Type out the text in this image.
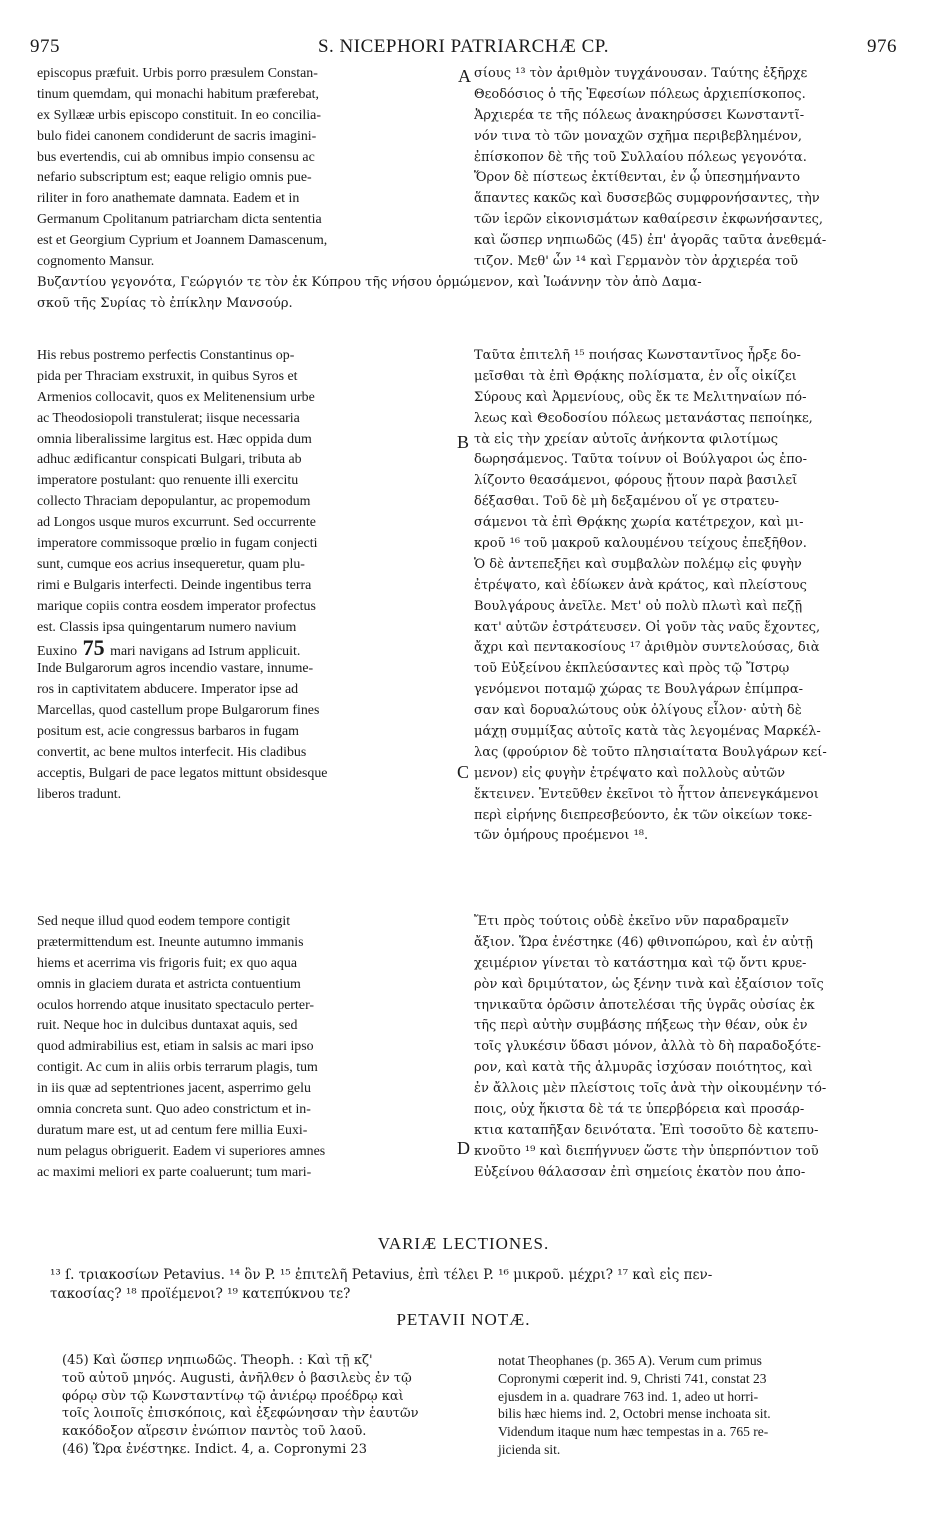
975	S. NICEPHORI PATRIARCHÆ CP.	976
episcopus præfuit. Urbis porro præsulem Constan-
tinum quemdam, qui monachi habitum præferebat,
ex Syllææ urbis episcopo constituit. In eo concilia-
bulo fidei canonem condiderunt de sacris imagini-
bus evertendis, cui ab omnibus impio consensu ac
nefario subscriptum est; eaque religio omnis pue-
riliter in foro anathemate damnata. Eadem et in
Germanum Cpolitanum patriarcham dicta sententia
est et Georgium Cyprium et Joannem Damascenum,
cognomento Mansur.
σίους ¹³ τὸν ἀριθμὸν τυγχάνουσαν. Ταύτης ἐξῆρχε
Θεοδόσιος ὁ τῆς Ἐφεσίων πόλεως ἀρχιεπίσκοπος.
Ἀρχιερέα τε τῆς πόλεως ἀνακηρύσσει Κωνσταντῖ-
νόν τινα τὸ τῶν μοναχῶν σχῆμα περιβεβλημένον,
ἐπίσκοπον δὲ τῆς τοῦ Συλλαίου πόλεως γεγονότα.
Ὅρον δὲ πίστεως ἐκτίθενται, ἐν ᾧ ὑπεσημήναντο
ἅπαντες κακῶς καὶ δυσσεβῶς συμφρονήσαντες, τὴν
τῶν ἱερῶν εἰκονισμάτων καθαίρεσιν ἐκφωνήσαντες,
καὶ ὥσπερ νηπιωδῶς (45) ἐπ' ἀγορᾶς ταῦτα ἀνεθεμά-
τιζον. Μεθ' ὧν ¹⁴ καὶ Γερμανὸν τὸν ἀρχιερέα τοῦ
A
Βυζαντίου γεγονότα, Γεώργιόν τε τὸν ἐκ Κύπρου τῆς νήσου ὁρμώμενον, καὶ Ἰωάννην τὸν ἀπὸ Δαμα-
σκοῦ τῆς Συρίας τὸ ἐπίκλην Μανσούρ.
His rebus postremo perfectis Constantinus op-
pida per Thraciam exstruxit, in quibus Syros et
Armenios collocavit, quos ex Melitenensium urbe
ac Theodosiopoli transtulerat; iisque necessaria
omnia liberalissime largitus est. Hæc oppida dum
adhuc ædificantur conspicati Bulgari, tributa ab
imperatore postulant: quo renuente illi exercitu
collecto Thraciam depopulantur, ac propemodum
ad Longos usque muros excurrunt. Sed occurrente
imperatore commissoque prœlio in fugam conjecti
sunt, cumque eos acrius insequeretur, quam plu-
rimi e Bulgaris interfecti. Deinde ingentibus terra
marique copiis contra eosdem imperator profectus
est. Classis ipsa quingentarum numero navium
Euxino 75 mari navigans ad Istrum applicuit.
Inde Bulgarorum agros incendio vastare, innume-
ros in captivitatem abducere. Imperator ipse ad
Marcellas, quod castellum prope Bulgarorum fines
positum est, acie congressus barbaros in fugam
convertit, ac bene multos interfecit. His cladibus
acceptis, Bulgari de pace legatos mittunt obsidesque
liberos tradunt.
Ταῦτα ἐπιτελῆ ¹⁵ ποιήσας Κωνσταντῖνος ἦρξε δο-
μεῖσθαι τὰ ἐπὶ Θρᾴκης πολίσματα, ἐν οἷς οἰκίζει
Σύρους καὶ Ἀρμενίους, οὓς ἔκ τε Μελιτηναίων πό-
λεως καὶ Θεοδοσίου πόλεως μετανάστας πεποίηκε,
τὰ εἰς τὴν χρείαν αὐτοῖς ἀνήκοντα φιλοτίμως
δωρησάμενος. Ταῦτα τοίνυν οἱ Βούλγαροι ὡς ἐπο-
λίζοντο θεασάμενοι, φόρους ᾔτουν παρὰ βασιλεῖ
δέξασθαι. Τοῦ δὲ μὴ δεξαμένου οἵ γε στρατευ-
σάμενοι τὰ ἐπὶ Θρᾴκης χωρία κατέτρεχον, καὶ μι-
κροῦ ¹⁶ τοῦ μακροῦ καλουμένου τείχους ἐπεξῆθον.
Ὁ δὲ ἀντεπεξῆει καὶ συμβαλὼν πολέμῳ εἰς φυγὴν
ἐτρέψατο, καὶ ἐδίωκεν ἀνὰ κράτος, καὶ πλείστους
Βουλγάρους ἀνεῖλε. Μετ' οὐ πολὺ πλωτὶ καὶ πεζῇ
κατ' αὐτῶν ἐστράτευσεν. Οἱ γοῦν τὰς ναῦς ἔχοντες,
ἄχρι καὶ πεντακοσίους ¹⁷ ἀριθμὸν συντελούσας, διὰ
τοῦ Εὐξείνου ἐκπλεύσαντες καὶ πρὸς τῷ Ἴστρῳ
γενόμενοι ποταμῷ χώρας τε Βουλγάρων ἐπίμπρα-
σαν καὶ δορυαλώτους οὐκ ὀλίγους εἷλον· αὐτὴ δὲ
μάχῃ συμμίξας αὐτοῖς κατὰ τὰς λεγομένας Μαρκέλ-
λας (φρούριον δὲ τοῦτο πλησιαίτατα Βουλγάρων κεί-
μενον) εἰς φυγὴν ἐτρέψατο καὶ πολλοὺς αὐτῶν
ἔκτεινεν. Ἐντεῦθεν ἐκεῖνοι τὸ ἧττον ἀπενεγκάμενοι
περὶ εἰρήνης διεπρεσβεύοντο, ἐκ τῶν οἰκείων τοκε-
τῶν ὁμήρους προέμενοι ¹⁸.
B
C
Sed neque illud quod eodem tempore contigit
prætermittendum est. Ineunte autumno immanis
hiems et acerrima vis frigoris fuit; ex quo aqua
omnis in glaciem durata et astricta contuentium
oculos horrendo atque inusitato spectaculo perter-
ruit. Neque hoc in dulcibus duntaxat aquis, sed
quod admirabilius est, etiam in salsis ac mari ipso
contigit. Ac cum in aliis orbis terrarum plagis, tum
in iis quæ ad septentriones jacent, asperrimo gelu
omnia concreta sunt. Quo adeo constrictum et in-
duratum mare est, ut ad centum fere millia Euxi-
num pelagus obriguerit. Eadem vi superiores amnes
ac maximi meliori ex parte coaluerunt; tum mari-
Ἔτι πρὸς τούτοις οὐδὲ ἐκεῖνο νῦν παραδραμεῖν
ἄξιον. Ὥρα ἐνέστηκε (46) φθινοπώρου, καὶ ἐν αὐτῇ
χειμέριον γίνεται τὸ κατάστημα καὶ τῷ ὄντι κρυε-
ρὸν καὶ δριμύτατον, ὡς ξένην τινὰ καὶ ἐξαίσιον τοῖς
τηνικαῦτα ὁρῶσιν ἀποτελέσαι τῆς ὑγρᾶς οὐσίας ἐκ
τῆς περὶ αὐτὴν συμβάσης πήξεως τὴν θέαν, οὐκ ἐν
τοῖς γλυκέσιν ὕδασι μόνον, ἀλλὰ τὸ δὴ παραδοξότε-
ρον, καὶ κατὰ τῆς ἁλμυρᾶς ἰσχύσαν ποιότητος, καὶ
ἐν ἄλλοις μὲν πλείστοις τοῖς ἀνὰ τὴν οἰκουμένην τό-
ποις, οὐχ ἥκιστα δὲ τά τε ὑπερβόρεια καὶ προσάρ-
κτια καταπῆξαν δεινότατα. Ἐπὶ τοσοῦτο δὲ κατεπυ-
κνοῦτο ¹⁹ καὶ διεπήγνυεν ὥστε τὴν ὑπερπόντιον τοῦ
Εὐξείνου θάλασσαν ἐπὶ σημείοις ἑκατὸν που ἀπο-
D
VARIÆ LECTIONES.
¹³ ſ. τριακοσίων Petavius. ¹⁴ ὃν P. ¹⁵ ἐπιτελῆ Petavius, ἐπὶ τέλει P. ¹⁶ μικροῦ. μέχρι? ¹⁷ καὶ εἰς πεν-
τακοσίας? ¹⁸ προϊέμενοι? ¹⁹ κατεπύκνου τε?
PETAVII NOTÆ.
(45) Καὶ ὥσπερ νηπιωδῶς. Theoph. : Καὶ τῇ κζ'
τοῦ αὐτοῦ μηνός. Augusti, ἀνῆλθεν ὁ βασιλεὺς ἐν τῷ
φόρῳ σὺν τῷ Κωνσταντίνῳ τῷ ἀνιέρῳ προέδρῳ καὶ
τοῖς λοιποῖς ἐπισκόποις, καὶ ἐξεφώνησαν τὴν ἑαυτῶν
κακόδοξον αἵρεσιν ἐνώπιον παντὸς τοῦ λαοῦ.
(46) Ὥρα ἐνέστηκε. Indict. 4, a. Copronymi 23
notat Theophanes (p. 365 A). Verum cum primus
Copronymi cœperit ind. 9, Christi 741, constat 23
ejusdem in a. quadrare 763 ind. 1, adeo ut horri-
bilis hæc hiems ind. 2, Octobri mense inchoata sit.
Videndum itaque num hæc tempestas in a. 765 re-
jicienda sit.
